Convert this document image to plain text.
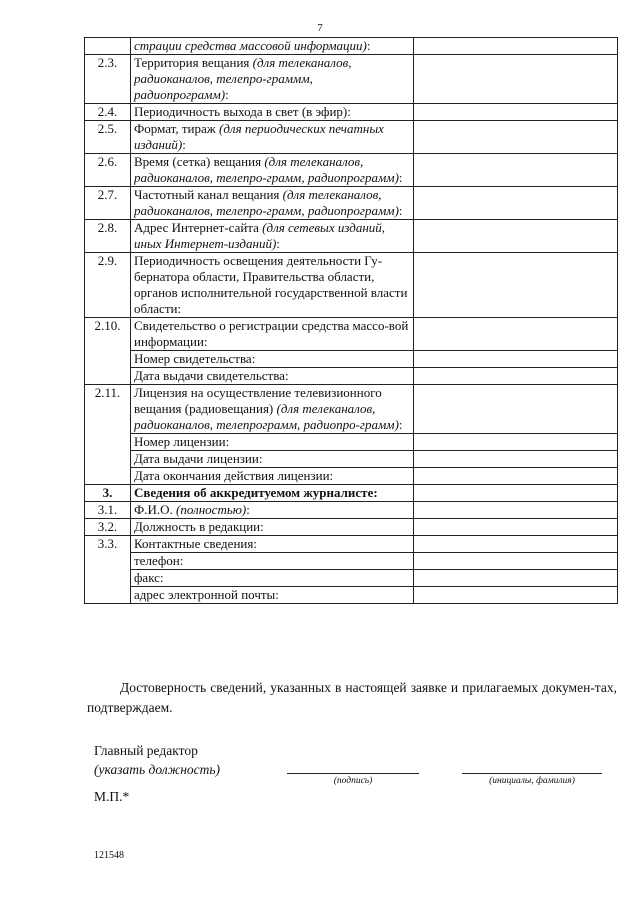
7
	страции средства массовой информации):	
2.3.	Территория вещания (для телеканалов, радиоканалов, телепро-граммм, радиопрограмм):	
2.4.	Периодичность выхода в свет (в эфир):	
2.5.	Формат, тираж (для периодических печатных изданий):	
2.6.	Время (сетка) вещания (для телеканалов, радиоканалов, телепро-грамм, радиопрограмм):	
2.7.	Частотный канал вещания (для телеканалов, радиоканалов, телепро-грамм, радиопрограмм):	
2.8.	Адрес Интернет-сайта (для сетевых изданий, иных Интернет-изданий):	
2.9.	Периодичность освещения деятельности Гу-бернатора области, Правительства области, органов исполнительной государственной власти области:	
2.10.	Свидетельство о регистрации средства массо-вой информации:	
	Номер свидетельства:	
	Дата выдачи свидетельства:	
2.11.	Лицензия на осуществление телевизионного вещания (радиовещания) (для телеканалов, радиоканалов, телепрограмм, радиопро-грамм):	
	Номер лицензии:	
	Дата выдачи лицензии:	
	Дата окончания действия лицензии:	
3.	Сведения об аккредитуемом журналисте:	
3.1.	Ф.И.О. (полностью):	
3.2.	Должность в редакции:	
3.3.	Контактные сведения:	
	телефон:	
	факс:	
	адрес электронной почты:	

Достоверность сведений, указанных в настоящей заявке и прилагаемых докумен-тах, подтверждаем.

Главный редактор
(указать должность)
(подпись)	(инициалы, фамилия)
М.П.*
121548
